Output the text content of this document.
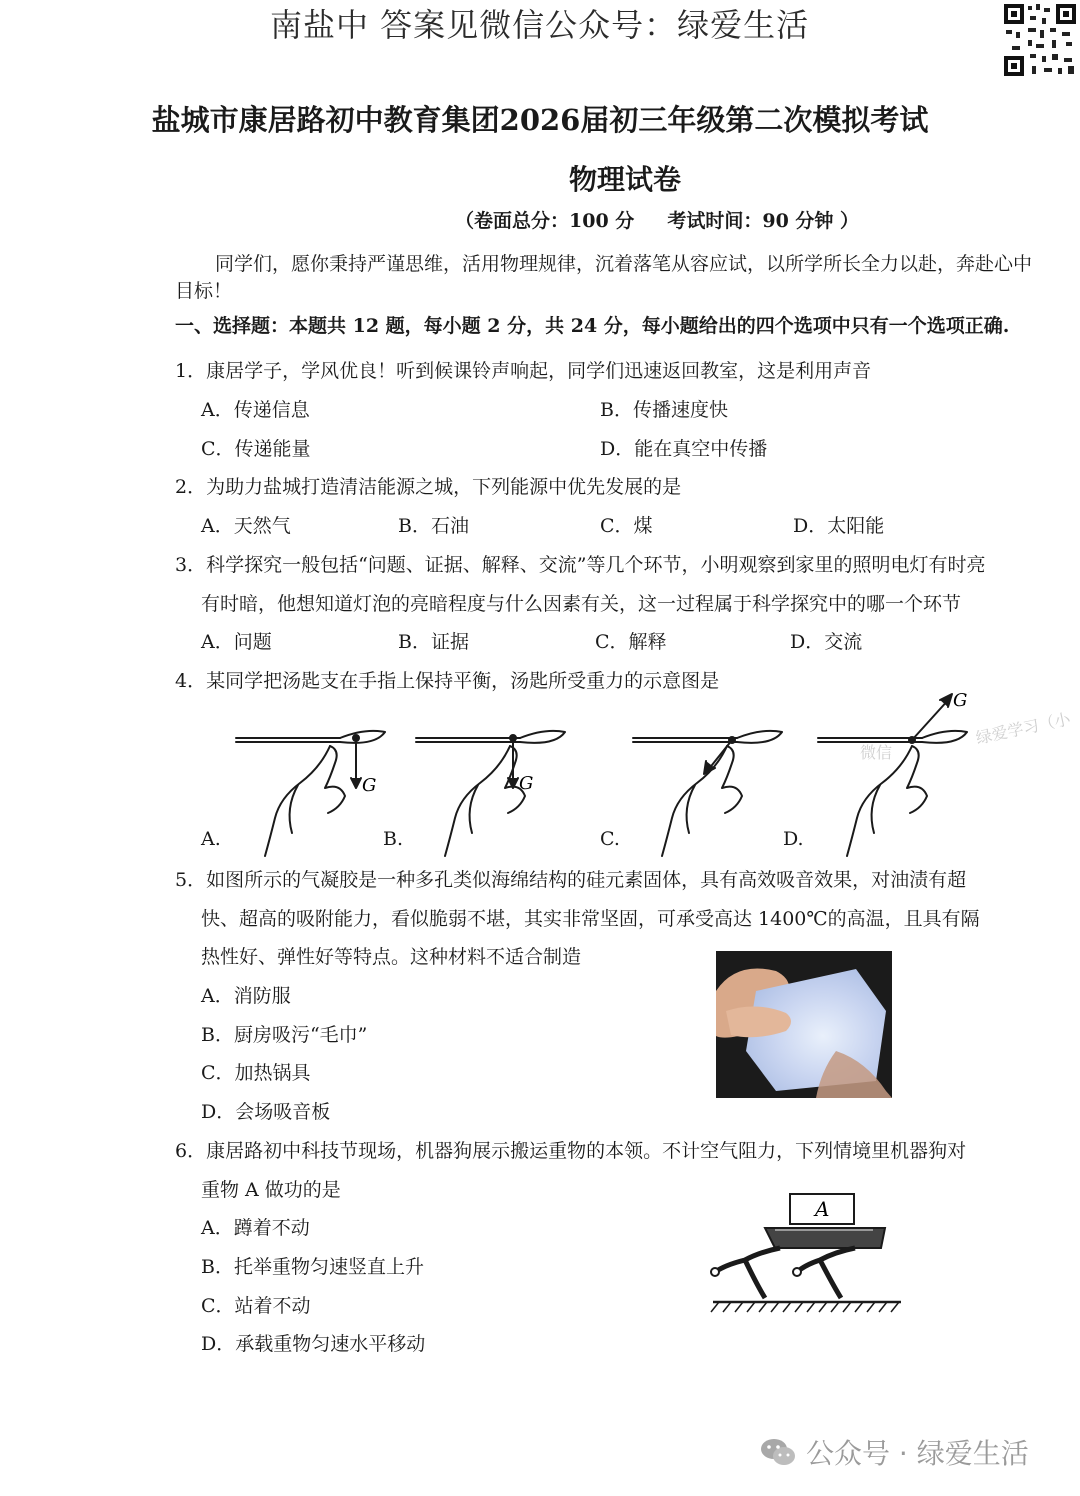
南盐中 答案见微信公众号：绿爱生活
盐城市康居路初中教育集团2026届初三年级第二次模拟考试
物理试卷
（卷面总分：100 分     考试时间：90 分钟 ）
同学们，愿你秉持严谨思维，活用物理规律，沉着落笔从容应试，以所学所长全力以赴，奔赴心中目标！
一、选择题：本题共 12 题，每小题 2 分，共 24 分，每小题给出的四个选项中只有一个选项正确.
1．康居学子，学风优良！听到候课铃声响起，同学们迅速返回教室，这是利用声音
A．传递信息	B．传播速度快
C．传递能量	D．能在真空中传播
2．为助力盐城打造清洁能源之城，下列能源中优先发展的是
A．天然气	B．石油	C．煤	D．太阳能
3．科学探究一般包括“问题、证据、解释、交流”等几个环节，小明观察到家里的照明电灯有时亮
有时暗，他想知道灯泡的亮暗程度与什么因素有关，这一过程属于科学探究中的哪一个环节
A．问题	B．证据	C．解释	D．交流
4．某同学把汤匙支在手指上保持平衡，汤匙所受重力的示意图是
G	G
G
微信
绿爱学习（小
A.	B.	C.	D.
5．如图所示的气凝胶是一种多孔类似海绵结构的硅元素固体，具有高效吸音效果，对油渍有超
快、超高的吸附能力，看似脆弱不堪，其实非常坚固，可承受高达 1400℃的高温，且具有隔
热性好、弹性好等特点。这种材料不适合制造
A．消防服
B．厨房吸污“毛巾”
C．加热锅具
D．会场吸音板
6．康居路初中科技节现场，机器狗展示搬运重物的本领。不计空气阻力，下列情境里机器狗对
重物 A 做功的是
A．蹲着不动
B．托举重物匀速竖直上升
C．站着不动
D．承载重物匀速水平移动
A
公众号 · 绿爱生活
